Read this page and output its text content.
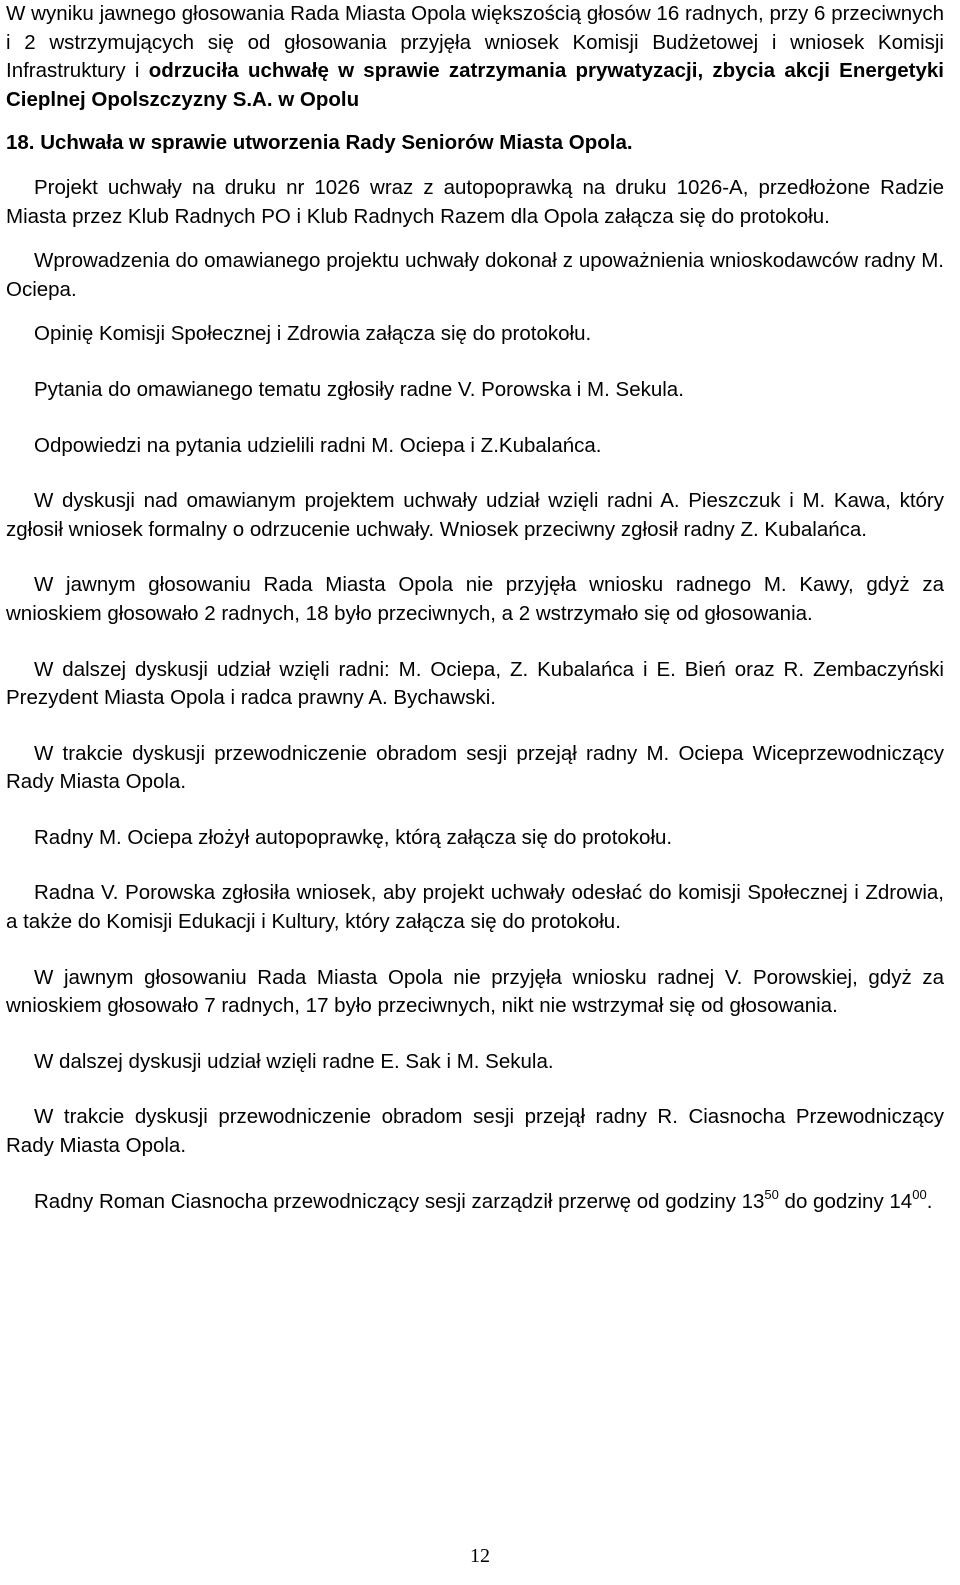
W wyniku jawnego głosowania Rada Miasta Opola większością głosów 16 radnych, przy 6 przeciwnych i 2 wstrzymujących się od głosowania przyjęła wniosek Komisji Budżetowej i wniosek Komisji Infrastruktury i odrzuciła uchwałę w sprawie zatrzymania prywatyzacji, zbycia akcji Energetyki Cieplnej Opolszczyzny S.A. w Opolu

18. Uchwała w sprawie utworzenia Rady Seniorów Miasta Opola.

Projekt uchwały na druku nr 1026 wraz z autopoprawką na druku 1026-A, przedłożone Radzie Miasta przez Klub Radnych PO i Klub Radnych Razem dla Opola załącza się do protokołu.

Wprowadzenia do omawianego projektu uchwały dokonał z upoważnienia wnioskodawców radny M. Ociepa.

Opinię Komisji Społecznej i Zdrowia załącza się do protokołu.

Pytania do omawianego tematu zgłosiły radne V. Porowska i M. Sekula.

Odpowiedzi na pytania udzielili radni M. Ociepa i Z.Kubalańca.

W dyskusji nad omawianym projektem uchwały udział wzięli radni A. Pieszczuk i M. Kawa, który zgłosił wniosek formalny o odrzucenie uchwały. Wniosek przeciwny zgłosił radny Z. Kubalańca.

W jawnym głosowaniu Rada Miasta Opola nie przyjęła wniosku radnego M. Kawy, gdyż za wnioskiem głosowało 2 radnych, 18 było przeciwnych, a 2 wstrzymało się od głosowania.

W dalszej dyskusji udział wzięli radni: M. Ociepa, Z. Kubalańca i E. Bień oraz R. Zembaczyński Prezydent Miasta Opola i radca prawny A. Bychawski.

W trakcie dyskusji przewodniczenie obradom sesji przejął radny M. Ociepa Wiceprzewodniczący Rady Miasta Opola.

Radny M. Ociepa złożył autopoprawkę, którą załącza się do protokołu.

Radna V. Porowska zgłosiła wniosek, aby projekt uchwały odesłać do komisji Społecznej i Zdrowia, a także do Komisji Edukacji i Kultury, który załącza się do protokołu.

W jawnym głosowaniu Rada Miasta Opola nie przyjęła wniosku radnej V. Porowskiej, gdyż za wnioskiem głosowało 7 radnych, 17 było przeciwnych, nikt nie wstrzymał się od głosowania.

W dalszej dyskusji udział wzięli radne E. Sak i M. Sekula.

W trakcie dyskusji przewodniczenie obradom sesji przejął radny R. Ciasnocha Przewodniczący Rady Miasta Opola.

Radny Roman Ciasnocha przewodniczący sesji zarządził przerwę od godziny $13^{50}$ do godziny $14^{00}$.

12
